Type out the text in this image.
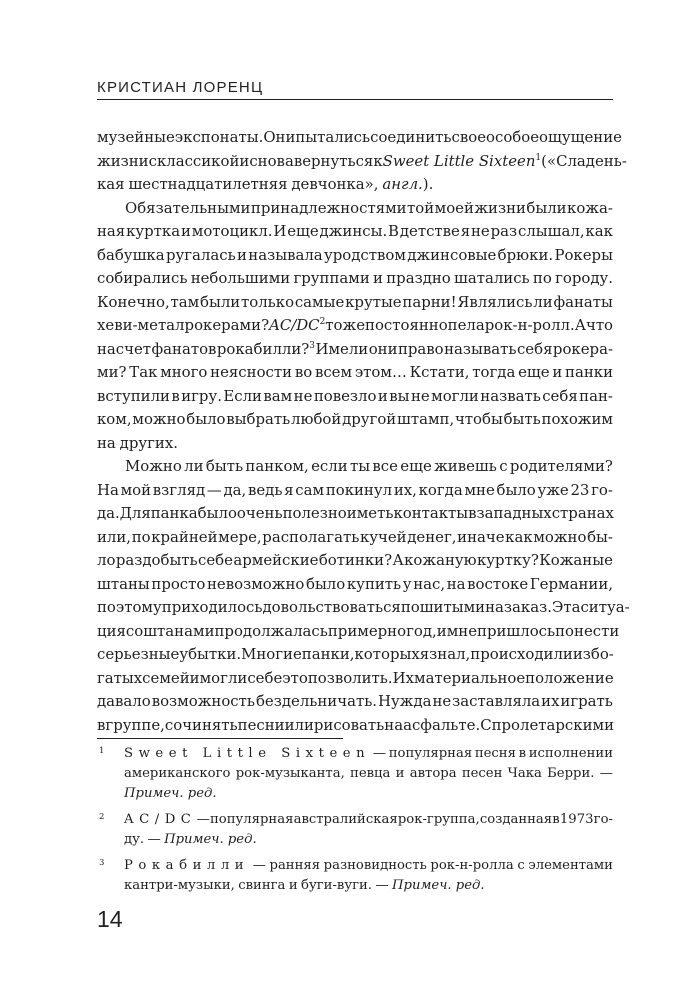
КРИСТИАН ЛОРЕНЦ
музейные экспонаты. Они пытались соединить свое особое ощущение
жизни с классикой и снова вернуться к Sweet Little Sixteen$^1$ («Сладень-
кая шестнадцатилетняя девчонка», англ.).
Обязательными принадлежностями той моей жизни были кожа-
ная куртка и мотоцикл. И еще джинсы. В детстве я не раз слышал, как
бабушка ругалась и называла уродством джинсовые брюки. Рокеры
собирались небольшими группами и праздно шатались по городу.
Конечно, там были только самые крутые парни! Являлись ли фанаты
хеви-метал рокерами? $AC/DC^2$ тоже постоянно пела рок-н-ролл. А что
насчет фанатов рокабилли?$^3$ Имели они право называть себя рокера-
ми? Так много неясности во всем этом… Кстати, тогда еще и панки
вступили в игру. Если вам не повезло и вы не могли назвать себя пан-
ком, можно было выбрать любой другой штамп, чтобы быть похожим
на других.
Можно ли быть панком, если ты все еще живешь с родителями?
На мой взгляд — да, ведь я сам покинул их, когда мне было уже 23 го-
да. Для панка было очень полезно иметь контакты в западных странах
или, по крайней мере, располагать кучей денег, иначе как можно бы-
ло раздобыть себе армейские ботинки? А кожаную куртку? Кожаные
штаны просто невозможно было купить у нас, на востоке Германии,
поэтому приходилось довольствоваться пошитыми на заказ. Эта ситуа-
ция со штанами продолжалась примерно год, и мне пришлось понести
серьезные убытки. Многие панки, которых я знал, происходили из бо-
гатых семей и могли себе это позволить. Их материальное положение
давало возможность бездельничать. Нужда не заставляла их играть
в группе, сочинять песни или рисовать на асфальте. С пролетарскими
1 Sweet Little Sixteen — популярная песня в исполнении
американского рок-музыканта, певца и автора песен Чака Берри. —
Примеч. ред.
2 AC/DC — популярная австралийская рок-группа, созданная в 1973 го-
ду. — Примеч. ред.
3 Рокабилли — ранняя разновидность рок-н-ролла с элементами
кантри-музыки, свинга и буги-вуги. — Примеч. ред.
14
